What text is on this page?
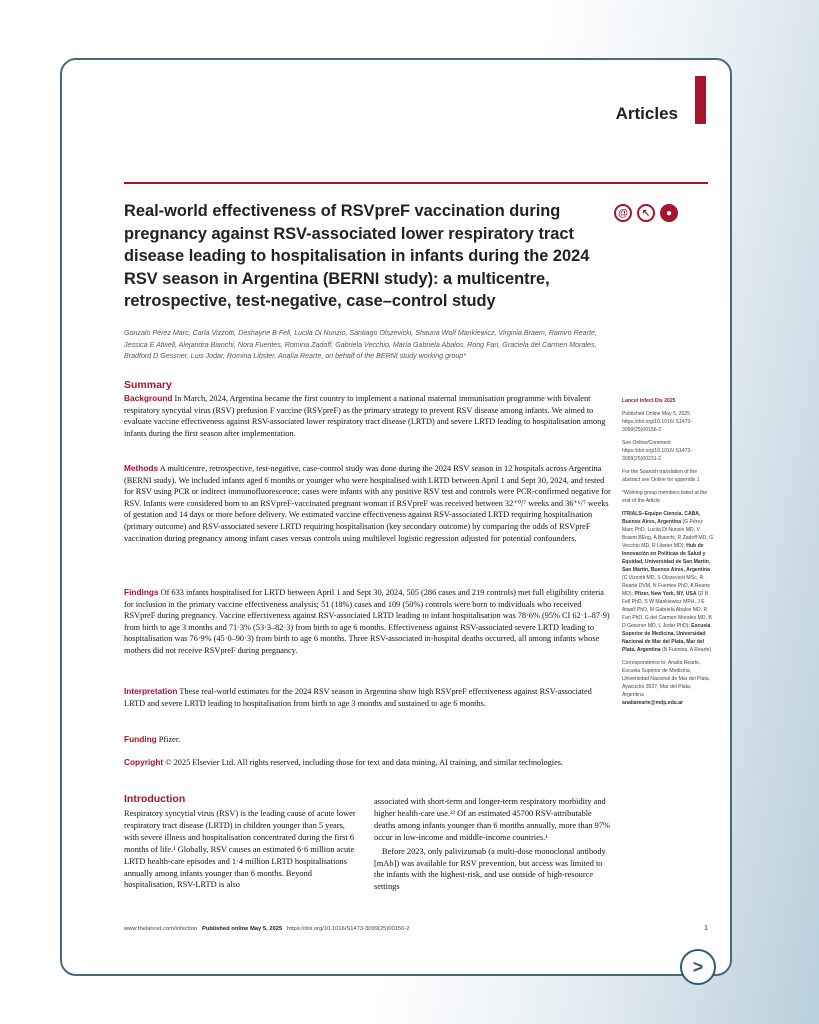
Articles
Real-world effectiveness of RSVpreF vaccination during pregnancy against RSV-associated lower respiratory tract disease leading to hospitalisation in infants during the 2024 RSV season in Argentina (BERNI study): a multicentre, retrospective, test-negative, case–control study
@	↖	●

Gonzalo Pérez Marc, Carla Vizzotti, Deshayne B Fell, Lucila Di Nunzio, Santiago Olszevicki, Shauna Wolf Mankiewicz, Virginia Braem, Ramiro Rearte, Jessica E Atwell, Alejandra Bianchi, Nora Fuentes, Romina Zadoff, Gabriela Vecchio, María Gabriela Abalos, Rong Fan, Graciela del Carmen Morales, Bradford D Gessner, Luis Jodar, Romina Libster, Analía Rearte, on behalf of the BERNI study working group*

Summary

Background In March, 2024, Argentina became the first country to implement a national maternal immunisation programme with bivalent respiratory syncytial virus (RSV) prefusion F vaccine (RSVpreF) as the primary strategy to prevent RSV disease among infants. We aimed to evaluate vaccine effectiveness against RSV-associated lower respiratory tract disease (LRTD) and severe LRTD leading to hospitalisation among infants during the first season after implementation.

Methods A multicentre, retrospective, test-negative, case-control study was done during the 2024 RSV season in 12 hospitals across Argentina (BERNI study). We included infants aged 6 months or younger who were hospitalised with LRTD between April 1 and Sept 30, 2024, and tested for RSV using PCR or indirect immunofluorescence; cases were infants with any positive RSV test and controls were PCR-confirmed negative for RSV. Infants were considered born to an RSVpreF-vaccinated pregnant woman if RSVpreF was received between 32⁺⁰/⁷ weeks and 36⁺⁶/⁷ weeks of gestation and 14 days or more before delivery. We estimated vaccine effectiveness against RSV-associated LRTD requiring hospitalisation (primary outcome) and RSV-associated severe LRTD requiring hospitalisation (key secondary outcome) by comparing the odds of RSVpreF vaccination during pregnancy among infant cases versus controls using multilevel logistic regression adjusted for potential confounders.

Findings Of 633 infants hospitalised for LRTD between April 1 and Sept 30, 2024, 505 (286 cases and 219 controls) met full eligibility criteria for inclusion in the primary vaccine effectiveness analysis; 51 (18%) cases and 109 (50%) controls were born to individuals who received RSVpreF during pregnancy. Vaccine effectiveness against RSV-associated LRTD leading to infant hospitalisation was 78·6% (95% CI 62·1–87·9) from birth to age 3 months and 71·3% (53·3–82·3) from birth to age 6 months. Effectiveness against RSV-associated severe LRTD leading to hospitalisation was 76·9% (45·0–90·3) from birth to age 6 months. Three RSV-associated in-hospital deaths occurred, all among infants whose mothers did not receive RSVpreF during pregnancy.

Interpretation These real-world estimates for the 2024 RSV season in Argentina show high RSVpreF effectiveness against RSV-associated LRTD and severe LRTD leading to hospitalisation from birth to age 3 months and sustained to age 6 months.

Funding Pfizer.

Copyright © 2025 Elsevier Ltd. All rights reserved, including those for text and data mining, AI training, and similar technologies.

Introduction

Respiratory syncytial virus (RSV) is the leading cause of acute lower respiratory tract disease (LRTD) in children younger than 5 years, with severe illness and hospitalisation concentrated during the first 6 months of life.¹ Globally, RSV causes an estimated 6·6 million acute LRTD health-care episodes and 1·4 million LRTD hospitalisations annually among infants younger than 6 months. Beyond hospitalisation, RSV-LRTD is also

associated with short-term and longer-term respiratory morbidity and higher health-care use.²³ Of an estimated 45700 RSV-attributable deaths among infants younger than 6 months annually, more than 97% occur in low-income and middle-income countries.¹
Before 2023, only palivizumab (a multi-dose monoclonal antibody [mAb]) was available for RSV prevention, but access was limited to the infants with the highest-risk, and use outside of high-resource settings

Lancet Infect Dis 2025
Published Online May 5, 2025 https://doi.org/10.1016/ S1473-3099(25)00156-2
See Online/Comment https://doi.org/10.1016/ S1473-3099(25)00231-2
For the Spanish translation of the abstract see Online for appendix 1
*Working group members listed at the end of the Article
ITRIALS–Equipo Ciencia, CABA, Buenos Aires, Argentina (G Pérez Marc PhD, Lucila Di Nunzio MD, V Braem BEng, A Bianchi, R Zadoff MD, G Vecchio MD, R Libster MD); Hub de Innovación en Políticas de Salud y Equidad, Universidad de San Martín, San Martín, Buenos Aires, Argentina (C Vizzotti MD, S Olszevicki MSc, R Rearte DVM, N Fuentes PhD, A Rearte MD); Pfizer, New York, NY, USA (D B Fell PhD, S W Mankiewicz MPH, J E Atwell PhD, M Gabriela Abalos MD, R Fan PhD, G del Carmen Morales MD, B D Gessner MD, L Jodar PhD); Escuela Superior de Medicina, Universidad Nacional de Mar del Plata, Mar del Plata, Argentina (N Fuentes, A Rearte)
Correspondence to: Analía Rearte, Escuela Superior de Medicina, Universidad Nacional de Mar del Plata, Ayacucho 3537, Mar del Plata, Argentina
analiarearte@mdp.edu.ar
www.thelancet.com/infection Published online May 5, 2025 https://doi.org/10.1016/S1473-3099(25)00156-2	1
>
